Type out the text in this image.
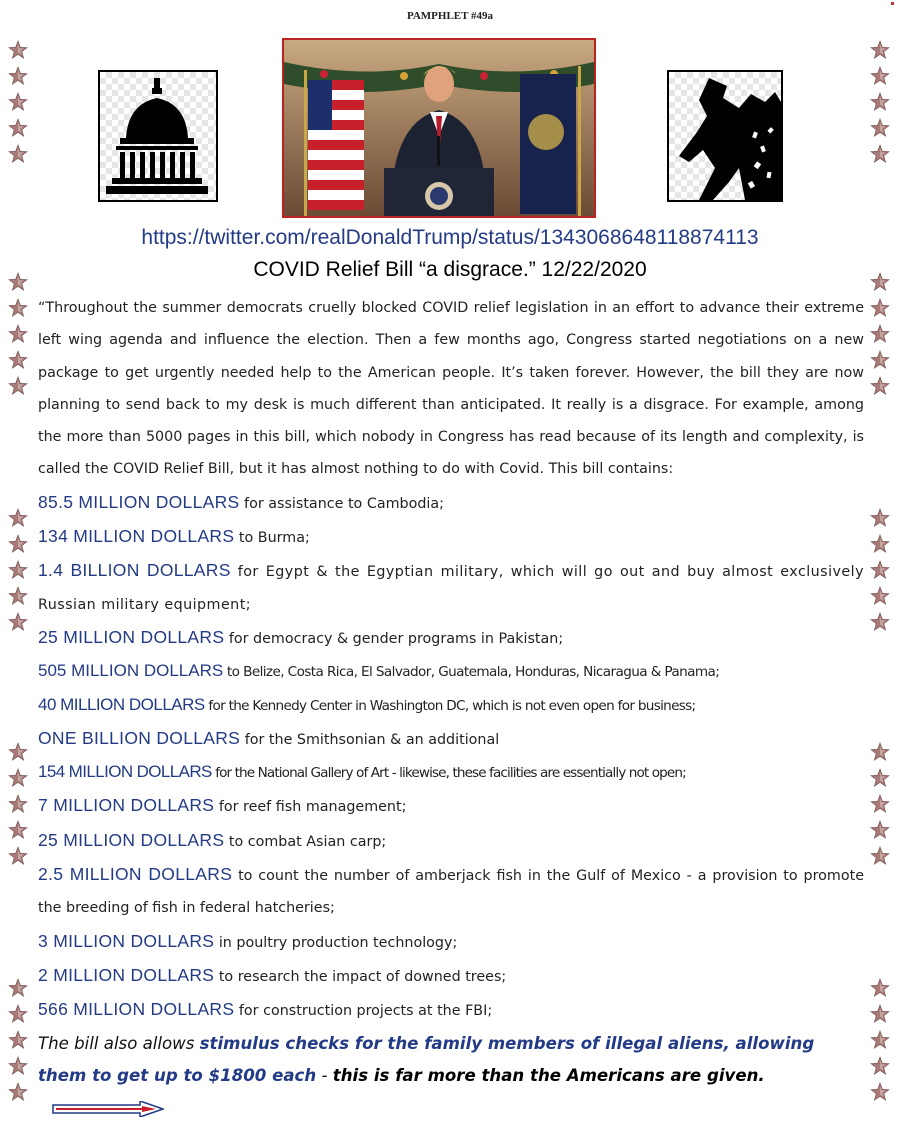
PAMPHLET #49a
https://twitter.com/realDonaldTrump/status/1343068648118874113
COVID Relief Bill “a disgrace.” 12/22/2020

“Throughout the summer democrats cruelly blocked COVID relief legislation in an effort to advance their extreme left wing agenda and influence the election. Then a few months ago, Congress started negotiations on a new package to get urgently needed help to the American people. It’s taken forever. However, the bill they are now planning to send back to my desk is much different than anticipated. It really is a disgrace. For example, among the more than 5000 pages in this bill, which nobody in Congress has read because of its length and complexity, is called the COVID Relief Bill, but it has almost nothing to do with Covid. This bill contains:

85.5 MILLION DOLLARS for assistance to Cambodia;

134 MILLION DOLLARS to Burma;

1.4 BILLION DOLLARS for Egypt & the Egyptian military, which will go out and buy almost exclusively Russian military equipment;

25 MILLION DOLLARS for democracy & gender programs in Pakistan;

505 MILLION DOLLARS to Belize, Costa Rica, El Salvador, Guatemala, Honduras, Nicaragua & Panama;

40 MILLION DOLLARS for the Kennedy Center in Washington DC, which is not even open for business;

ONE BILLION DOLLARS for the Smithsonian & an additional

154 MILLION DOLLARS for the National Gallery of Art - likewise, these facilities are essentially not open;

7 MILLION DOLLARS for reef fish management;

25 MILLION DOLLARS to combat Asian carp;

2.5 MILLION DOLLARS to count the number of amberjack fish in the Gulf of Mexico - a provision to promote the breeding of fish in federal hatcheries;

3 MILLION DOLLARS in poultry production technology;

2 MILLION DOLLARS to research the impact of downed trees;

566 MILLION DOLLARS for construction projects at the FBI;

The bill also allows stimulus checks for the family members of illegal aliens, allowing them to get up to $1800 each - this is far more than the Americans are given.
